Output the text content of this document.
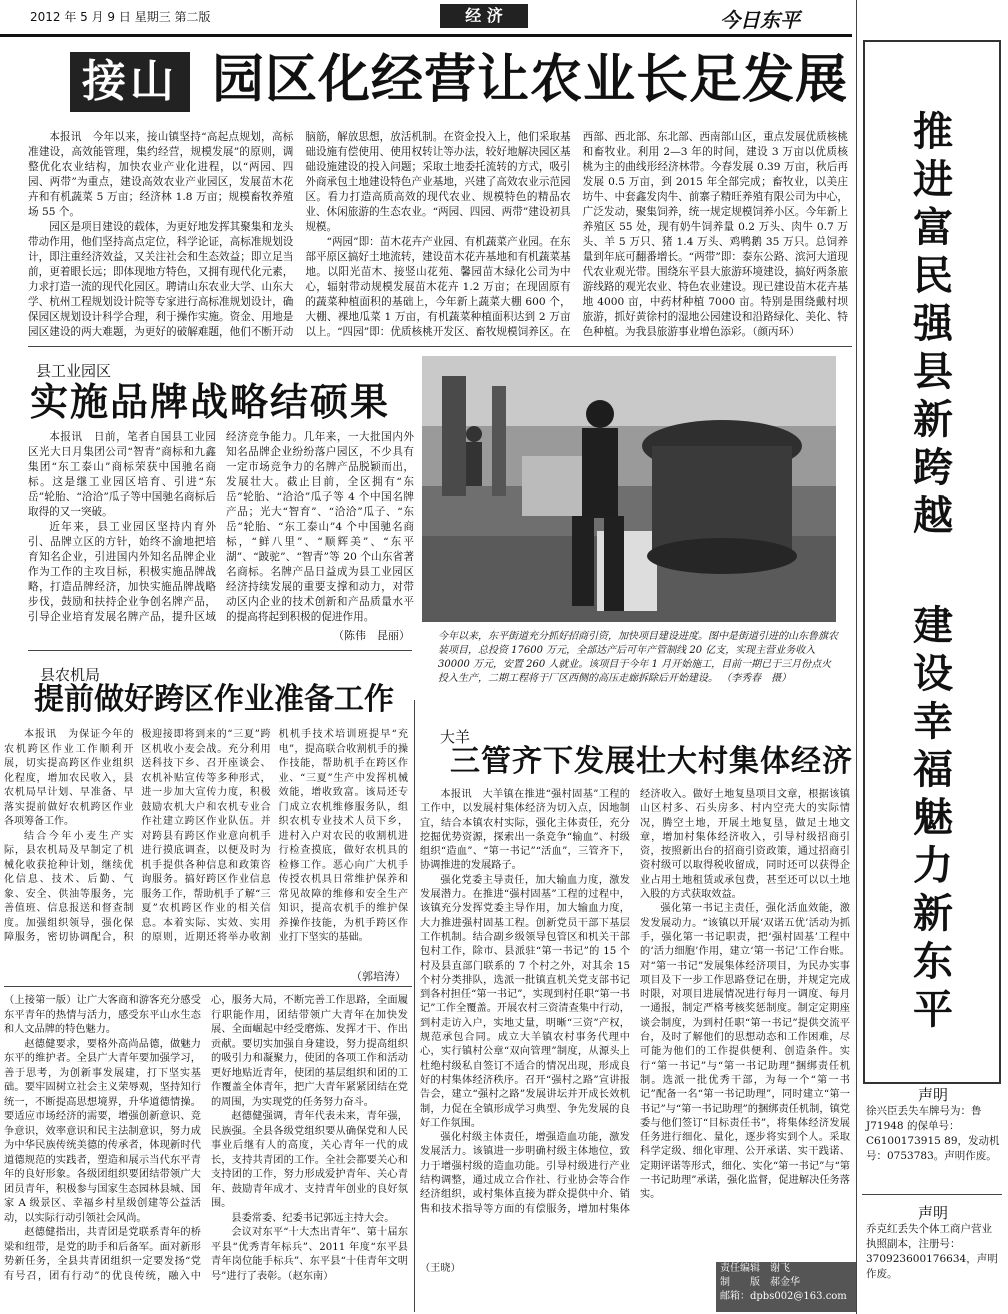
2012 年 5 月 9 日 星期三 第二版	经 济	今日东平
接山 园区化经营让农业长足发展

本报讯　今年以来，接山镇坚持“高起点规划，高标准建设，高效能管理，集约经营，规模发展”的原则，调整优化农业结构，加快农业产业化进程，以“两园、四园、两带”为重点，建设高效农业产业园区，发展苗木花卉和有机蔬菜 5 万亩；经济林 1.8 万亩；规模畜牧养殖场 55 个。

园区是项目建设的载体，为更好地发挥其聚集和龙头带动作用，他们坚持高点定位，科学论证，高标准规划设计，即注重经济效益，又关注社会和生态效益；即立足当前，更着眼长远；即体现地方特色，又拥有现代化元素，力求打造一流的现代化园区。聘请山东农业大学、山东大学、杭州工程规划设计院等专家进行高标准规划设计，确保园区规划设计科学合理，利于操作实施。资金、用地是园区建设的两大难题，为更好的破解难题，他们不断开动脑筋，解放思想，放活机制。在资金投入上，他们采取基础设施有偿使用、使用权转让等办法，较好地解决园区基础设施建设的投入问题；采取土地委托流转的方式，吸引外商承包土地建设特色产业基地，兴建了高效农业示范园区。看力打造高质高效的现代农业、规模特色的精品农业、休闲旅游的生态农业。“两园、四园、两带”建设初具规模。

“两园”即：苗木花卉产业园、有机蔬菜产业园。在东部平原区搞好土地流转，建设苗木花卉基地和有机蔬菜基地。以阳光苗木、接竖山花苑、馨园苗木绿化公司为中心，辐射带动规模发展苗木花卉 1.2 万亩；在现固原有的蔬菜种植面积的基础上，今年新上蔬菜大棚 600 个，大棚、裸地瓜菜 1 万亩，有机蔬菜种植面积达到 2 万亩以上。“四园”即：优质核桃开发区、畜牧规模饲养区。在西部、西北部、东北部、西南部山区，重点发展优质核桃和畜牧业。利用 2—3 年的时间，建设 3 万亩以优质核桃为主的曲线形经济林带。今春发展 0.39 万亩，秋后再发展 0.5 万亩，到 2015 年全部完成；畜牧业，以美庄坊牛、中套鑫发肉牛、前寨子精旺养殖有限公司为中心，广泛发动，聚集饲养，统一规定规模饲养小区。今年新上养殖区 55 处，现有奶牛饲养量 0.2 万头、肉牛 0.7 万头、羊 5 万只、猪 1.4 万头、鸡鸭鹅 35 万只。总饲养量到年底可翻番增长。“两带”即：泰东公路、滨河大道现代农业观光带。围绕东平县大旅游环境建设，搞好两条旅游线路的观光农业、特色农业建设。现已建设苗木花卉基地 4000 亩，中药材种植 7000 亩。特别是围绕戴村坝旅游，抓好黄徐村的湿地公园建设和沿路绿化、美化、特色种植。为我县旅游事业增色添彩。（颜丙环）

县工业园区
实施品牌战略结硕果

本报讯　日前，笔者自国县工业园区光大日月集团公司“智青”商标和九鑫集团“东工泰山”商标荣获中国驰名商标。这是继工业园区培育、引进“东岳”轮胎、“洽洽”瓜子等中国驰名商标后取得的又一突破。

近年来，县工业园区坚持内育外引、品牌立区的方针，始终不渝地把培育知名企业，引进国内外知名品牌企业作为工作的主攻目标，积极实施品牌战略，打造品牌经济，加快实施品牌战略步伐，鼓励和扶持企业争创名牌产品，引导企业培育发展名牌产品，提升区域经济竞争能力。几年来，一大批国内外知名品牌企业纷纷落户园区，不少具有一定市场竞争力的名牌产品脱颖而出，发展壮大。截止目前，全区拥有“东岳”轮胎、“洽洽”瓜子等 4 个中国名牌产品；光大“智育”、“洽洽”瓜子、“东岳”轮胎、“东工泰山”4 个中国驰名商标，“鲜八里”、“顺辉美”、“东平湖”、“跛驼”、“智青”等 20 个山东省著名商标。名牌产品日益成为县工业园区经济持续发展的重要支撑和动力，对带动区内企业的技术创新和产品质量水平的提高将起到积极的促进作用。

（陈伟　昆丽）	今年以来，东平街道充分抓好招商引资，加快项目建设进度。图中是街道引进的山东鲁旗农装项目，总投资 17600 万元，全部达产后可年产管制线 20 亿支，实现主营业务收入 30000 万元，安置 260 人就业。该项目于今年 1 月开始施工，目前一期已于三月份点火投入生产，二期工程将于厂区西侧的高压走廊拆除后开始建设。 （李秀春　摄）
县农机局
提前做好跨区作业准备工作

本报讯　为保证今年的农机跨区作业工作顺利开展，切实提高跨区作业组织化程度，增加农民收入，县农机局早计划、早准备、早落实提前做好农机跨区作业各项筹备工作。

结合今年小麦生产实际，县农机局及早制定了机械化收获抢种计划，继续优化信息、技术、后勤、气象、安全、供油等服务，完善值班、信息报送和督查制度。加强组织领导，强化保障服务，密切协调配合，积极迎接即将到来的“三夏”跨区机收小麦会战。充分利用送科技下乡、召开座谈会、农机补贴宣传等多种形式，进一步加大宣传力度，积极鼓励农机大户和农机专业合作社建立跨区作业队伍。并对跨县有跨区作业意向机手进行摸底调查，以便及时为机手提供各种信息和政策咨询服务。搞好跨区作业信息服务工作，帮助机手了解“三夏”农机跨区作业的相关信息。本着实际、实效、实用的原则，近期还将举办收割机机手技术培训班提早“充电”，提高联合收割机手的操作技能，帮助机手在跨区作业、“三夏”生产中发挥机械效能，增收致富。该局还专门成立农机维修服务队，组织农机专业技术人员下乡，进村入户对农民的收割机进行检查摸底，做好农机具的检修工作。恶心向广大机手传授农机具日常维护保养和常见故障的维修和安全生产知识，提高农机手的维护保养操作技能，为机手跨区作业打下坚实的基础。

（郭培涛）

（上接第一版）让广大客商和游客充分感受东平青年的热情与活力，感受东平山水生态和人文品牌的特色魅力。

赵德健要求，要格外高尚品德，做魅力东平的维护者。全县广大青年要加强学习，善于思考，为创新事发展建，打下坚实基础。要牢固树立社会主义荣辱观，坚持知行统一，不断提高思想境界，升华道德情操。要适应市场经济的需要，增强创新意识、竞争意识，效率意识和民主法制意识，努力成为中华民族传统美德的传承者，体现新时代道德规范的实践者，塑造和展示当代东平青年的良好形象。各级团组织要团结带领广大团员青年，积极参与国家生态园林县城、国家 A 级景区、幸福乡村星级创建等公益活动，以实际行动引领社会风尚。

赵德健指出，共青团是党联系青年的桥梁和纽带，是党的助手和后备军。面对新形势新任务，全县共青团组织一定要发扬“党有号召，团有行动”的优良传统，融入中心，服务大局，不断完善工作思路，全面履行职能作用，团结带领广大青年在加快发展、全面崛起中经受磨炼、发挥才干、作出贡献。要切实加强自身建设，努力提高组织的吸引力和凝聚力，使团的各项工作和活动更好地贴近青年，使团的基层组织和团的工作覆盖全体青年，把广大青年紧紧团结在党的周围，为实现党的任务努力奋斗。

赵德健强调，青年代表未来，青年强，民族强。全县各级党组织要从确保党和人民事业后继有人的高度，关心青年一代的成长，支持共青团的工作。全社会都要关心和支持团的工作，努力形成爱护青年、关心青年、鼓励青年成才、支持青年创业的良好氛围。

县委常委、纪委书记郭远主持大会。

会议对东平“十大杰出青年”、第十届东平县“优秀青年标兵”、2011 年度“东平县青年岗位能手标兵”、东平县“十佳青年文明号”进行了表彰。（赵东南）

大羊
三管齐下发展壮大村集体经济

本报讯　大羊镇在推进“强村固基”工程的工作中，以发展村集体经济为切入点，因地制宜，结合本镇农村实际，强化主体责任，充分挖掘优势资源，探索出一条竞争“输血”、村级组织“造血”、“第一书记”“活血”，三管齐下，协调推进的发展路子。

强化党委主导责任，加大输血力度，激发发展潜力。在推进“强村固基”工程的过程中，该镇充分发挥党委主导作用，加大输血力度，大力推进强村固基工程。创新党员干部下基层工作机制。结合副乡级领导包管区和机关干部包村工作，除市、县派驻“第一书记”的 15 个村及县直部门联系的 7 个村之外，对其余 15 个村分类排队，选派一批镇直机关党支部书记到各村担任“第一书记”，实现到村任职“第一书记”工作全覆盖。开展农村三资清查集中行动，到村走访入户，实地丈量，明晰“三资”产权，规范承包合同。成立大羊镇农村事务代理中心，实行镇村公章“双向管理”制度，从源头上杜绝村级私自签订不适合的情况出现，形成良好的村集体经济秩序。召开“强村之路”宣讲报告会，建立“强村之路”发展讲坛并开成长效机制，力促在全镇形成学习典型、争先发展的良好工作氛围。

强化村级主体责任，增强造血功能，激发发展活力。该镇进一步明确村级主体地位，致力于增强村级的造血功能。引导村级进行产业结构调整，通过成立合作社、行业协会等合作经济组织，或村集体直接为群众提供中介、销售和技术指导等方面的有偿服务，增加村集体经济收入。做好土地复垦项目文章，根据该镇山区村多、石头房多、村内空壳大的实际情况，腾空土地，开展土地复垦，做足土地文章，增加村集体经济收入，引导村级招商引资，按照新出台的招商引资政策，通过招商引资村级可以取得税收留成，同时还可以获得企业占用土地租赁或承包费，甚至还可以以土地入股的方式获取效益。

强化第一书记主责任，强化活血效能，激发发展动力。“该镇以开展‘双诺五优’活动为抓手，强化第一书记职责，把‘强村固基’工程中的‘活力细胞’作用，建立‘第一书记’工作台账。对“第一书记”发展集体经济项目，为民办实事项目及下一步工作思路登记在册，并规定完成时限，对项目进展情况进行每月一调度、每月一通报，制定严格考核奖惩制度。制定定期座谈会制度，为到村任职“第一书记”提供交流平台，及时了解他们的思想动态和工作困难，尽可能为他们的工作提供便利、创造条件。实行“第一书记”与“第一书记助理”捆绑责任机制。选派一批优秀干部，为每一个“第一书记”配备一名“第一书记助理”，同时建立“第一书记”与“第一书记助理”的捆绑责任机制，镇党委与他们签订“目标责任书”，将集体经济发展任务进行细化、量化，逐步将实到个人。采取科学定级、细化审理、公开承诺、实干践诺、定期评诺等形式，细化、实化“第一书记”与“第一书记助理”承诺，强化监督，促进解决任务落实。

（王晓）	责任编辑　谢飞
制　　版　郝金华
邮箱：dpbs002@163.com
推进富民强县新跨越
建设幸福魅力新东平
声明
徐兴臣丢失车牌号为：鲁J71948 的保单号：C6100173915 89，发动机号：0753783。声明作废。
声明
乔克红丢失个体工商户营业执照副本，注册号：370923600176634，声明作废。
